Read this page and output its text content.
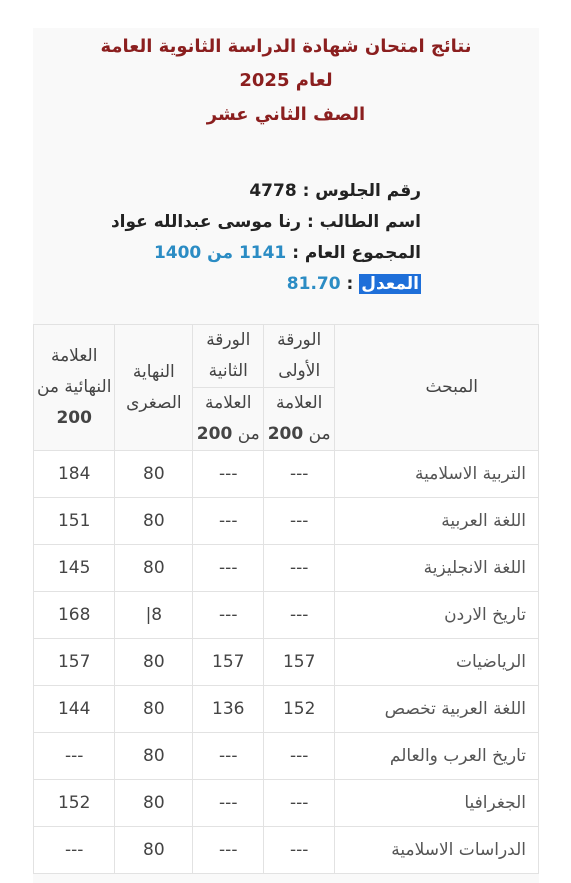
نتائج امتحان شهادة الدراسة الثانوية العامة
لعام 2025
الصف الثاني عشر
رقم الجلوس : 4778
اسم الطالب : رنا موسى عبدالله عواد
المجموع العام : 1141 من 1400
المعدل : 81.70
المبحث	الورقة الأولى	الورقة الثانية	النهاية الصغرى	العلامة النهائية من
200
	العلامة من 200	العلامة من 200		
التربية الاسلامية	---	---	80	184
اللغة العربية	---	---	80	151
اللغة الانجليزية	---	---	80	145
تاريخ الاردن	---	---	8|	168
الرياضيات	157	157	80	157
اللغة العربية تخصص	152	136	80	144
تاريخ العرب والعالم	---	---	80	---
الجغرافيا	---	---	80	152
الدراسات الاسلامية	---	---	80	---
